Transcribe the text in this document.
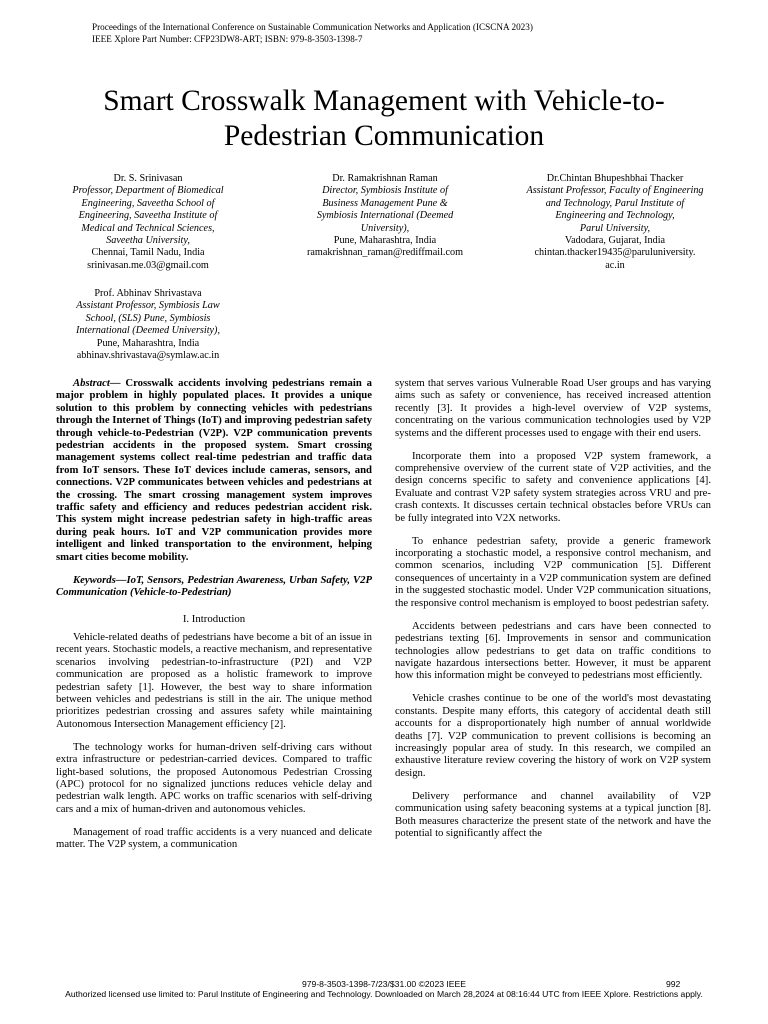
Proceedings of the International Conference on Sustainable Communication Networks and Application (ICSCNA 2023)
IEEE Xplore Part Number: CFP23DW8-ART; ISBN: 979-8-3503-1398-7
Smart Crosswalk Management with Vehicle-to-
Pedestrian Communication
Dr. S. Srinivasan
Professor, Department of Biomedical
Engineering, Saveetha School of
Engineering, Saveetha Institute of
Medical and Technical Sciences,
Saveetha University,
Chennai, Tamil Nadu, India
srinivasan.me.03@gmail.com
Dr. Ramakrishnan Raman
Director, Symbiosis Institute of
Business Management Pune &
Symbiosis International (Deemed
University),
Pune, Maharashtra, India
ramakrishnan_raman@rediffmail.com
Dr.Chintan Bhupeshbhai Thacker
Assistant Professor, Faculty of Engineering
and Technology, Parul Institute of
Engineering and Technology,
Parul University,
Vadodara, Gujarat, India
chintan.thacker19435@paruluniversity.
ac.in
Prof. Abhinav Shrivastava
Assistant Professor, Symbiosis Law
School, (SLS) Pune, Symbiosis
International (Deemed University),
Pune, Maharashtra, India
abhinav.shrivastava@symlaw.ac.in

Abstract— Crosswalk accidents involving pedestrians remain a major problem in highly populated places. It provides a unique solution to this problem by connecting vehicles with pedestrians through the Internet of Things (IoT) and improving pedestrian safety through vehicle-to-Pedestrian (V2P). V2P communication prevents pedestrian accidents in the proposed system. Smart crossing management systems collect real-time pedestrian and traffic data from IoT sensors. These IoT devices include cameras, sensors, and connections. V2P communicates between vehicles and pedestrians at the crossing. The smart crossing management system improves traffic safety and efficiency and reduces pedestrian accident risk. This system might increase pedestrian safety in high-traffic areas during peak hours. IoT and V2P communication provides more intelligent and linked transportation to the environment, helping smart cities become mobility.

Keywords—IoT, Sensors, Pedestrian Awareness, Urban Safety, V2P Communication (Vehicle-to-Pedestrian)

I. Introduction

Vehicle-related deaths of pedestrians have become a bit of an issue in recent years. Stochastic models, a reactive mechanism, and representative scenarios involving pedestrian-to-infrastructure (P2I) and V2P communication are proposed as a holistic framework to improve pedestrian safety [1]. However, the best way to share information between vehicles and pedestrians is still in the air. The unique method prioritizes pedestrian crossing and assures safety while maintaining Autonomous Intersection Management efficiency [2].

The technology works for human-driven self-driving cars without extra infrastructure or pedestrian-carried devices. Compared to traffic light-based solutions, the proposed Autonomous Pedestrian Crossing (APC) protocol for no signalized junctions reduces vehicle delay and pedestrian walk length. APC works on traffic scenarios with self-driving cars and a mix of human-driven and autonomous vehicles.

Management of road traffic accidents is a very nuanced and delicate matter. The V2P system, a communication

system that serves various Vulnerable Road User groups and has varying aims such as safety or convenience, has received increased attention recently [3]. It provides a high-level overview of V2P systems, concentrating on the various communication technologies used by V2P systems and the different processes used to engage with their end users.

Incorporate them into a proposed V2P system framework, a comprehensive overview of the current state of V2P activities, and the design concerns specific to safety and convenience applications [4]. Evaluate and contrast V2P safety system strategies across VRU and pre-crash contexts. It discusses certain technical obstacles before VRUs can be fully integrated into V2X networks.

To enhance pedestrian safety, provide a generic framework incorporating a stochastic model, a responsive control mechanism, and common scenarios, including V2P communication [5]. Different consequences of uncertainty in a V2P communication system are defined in the suggested stochastic model. Under V2P communication situations, the responsive control mechanism is employed to boost pedestrian safety.

Accidents between pedestrians and cars have been connected to pedestrians texting [6]. Improvements in sensor and communication technologies allow pedestrians to get data on traffic conditions to navigate hazardous intersections better. However, it must be apparent how this information might be conveyed to pedestrians most efficiently.

Vehicle crashes continue to be one of the world's most devastating constants. Despite many efforts, this category of accidental death still accounts for a disproportionately high number of annual worldwide deaths [7]. V2P communication to prevent collisions is becoming an increasingly popular area of study. In this research, we compiled an exhaustive literature review covering the history of work on V2P system design.

Delivery performance and channel availability of V2P communication using safety beaconing systems at a typical junction [8]. Both measures characterize the present state of the network and have the potential to significantly affect the

979-8-3503-1398-7/23/$31.00 ©2023 IEEE	992
Authorized licensed use limited to: Parul Institute of Engineering and Technology. Downloaded on March 28,2024 at 08:16:44 UTC from IEEE Xplore. Restrictions apply.
